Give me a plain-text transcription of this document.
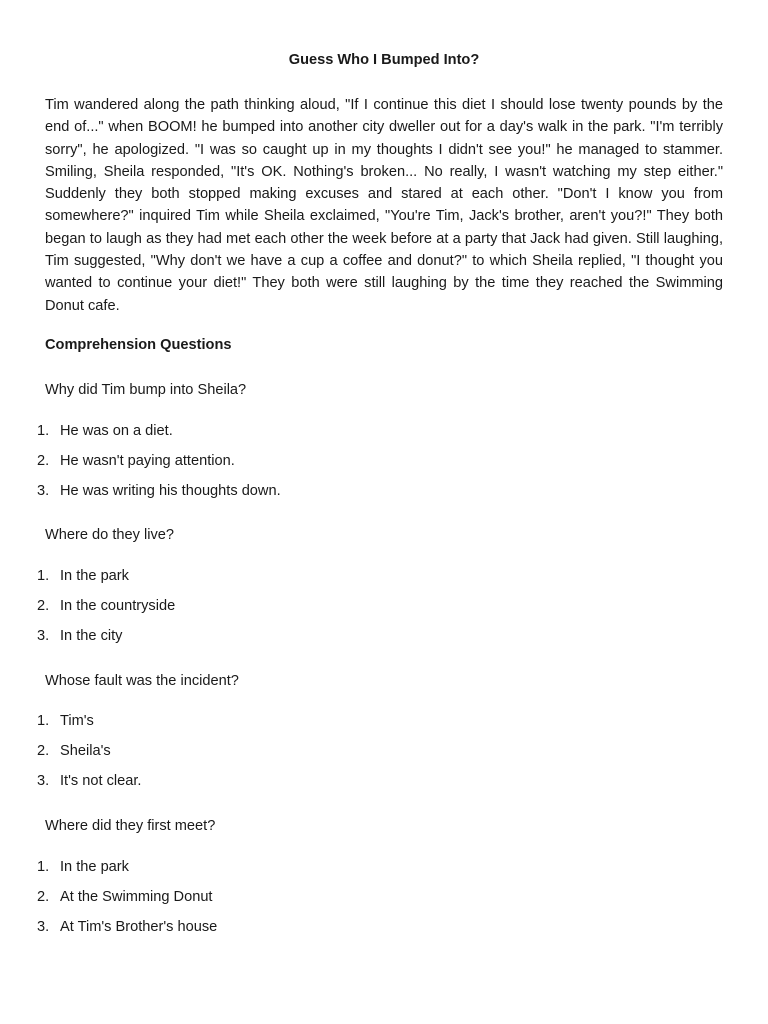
Guess Who I Bumped Into?

Tim wandered along the path thinking aloud, "If I continue this diet I should lose twenty pounds by the end of..." when BOOM! he bumped into another city dweller out for a day's walk in the park. "I'm terribly sorry", he apologized. "I was so caught up in my thoughts I didn't see you!" he managed to stammer. Smiling, Sheila responded, "It's OK. Nothing's broken... No really, I wasn't watching my step either." Suddenly they both stopped making excuses and stared at each other. "Don't I know you from somewhere?" inquired Tim while Sheila exclaimed, "You're Tim, Jack's brother, aren't you?!" They both began to laugh as they had met each other the week before at a party that Jack had given. Still laughing, Tim suggested, "Why don't we have a cup a coffee and donut?" to which Sheila replied, "I thought you wanted to continue your diet!" They both were still laughing by the time they reached the Swimming Donut cafe.

Comprehension Questions
Why did Tim bump into Sheila?
1. He was on a diet.
2. He wasn't paying attention.
3. He was writing his thoughts down.
Where do they live?
1. In the park
2. In the countryside
3. In the city
Whose fault was the incident?
1. Tim's
2. Sheila's
3. It's not clear.
Where did they first meet?
1. In the park
2. At the Swimming Donut
3. At Tim's Brother's house
